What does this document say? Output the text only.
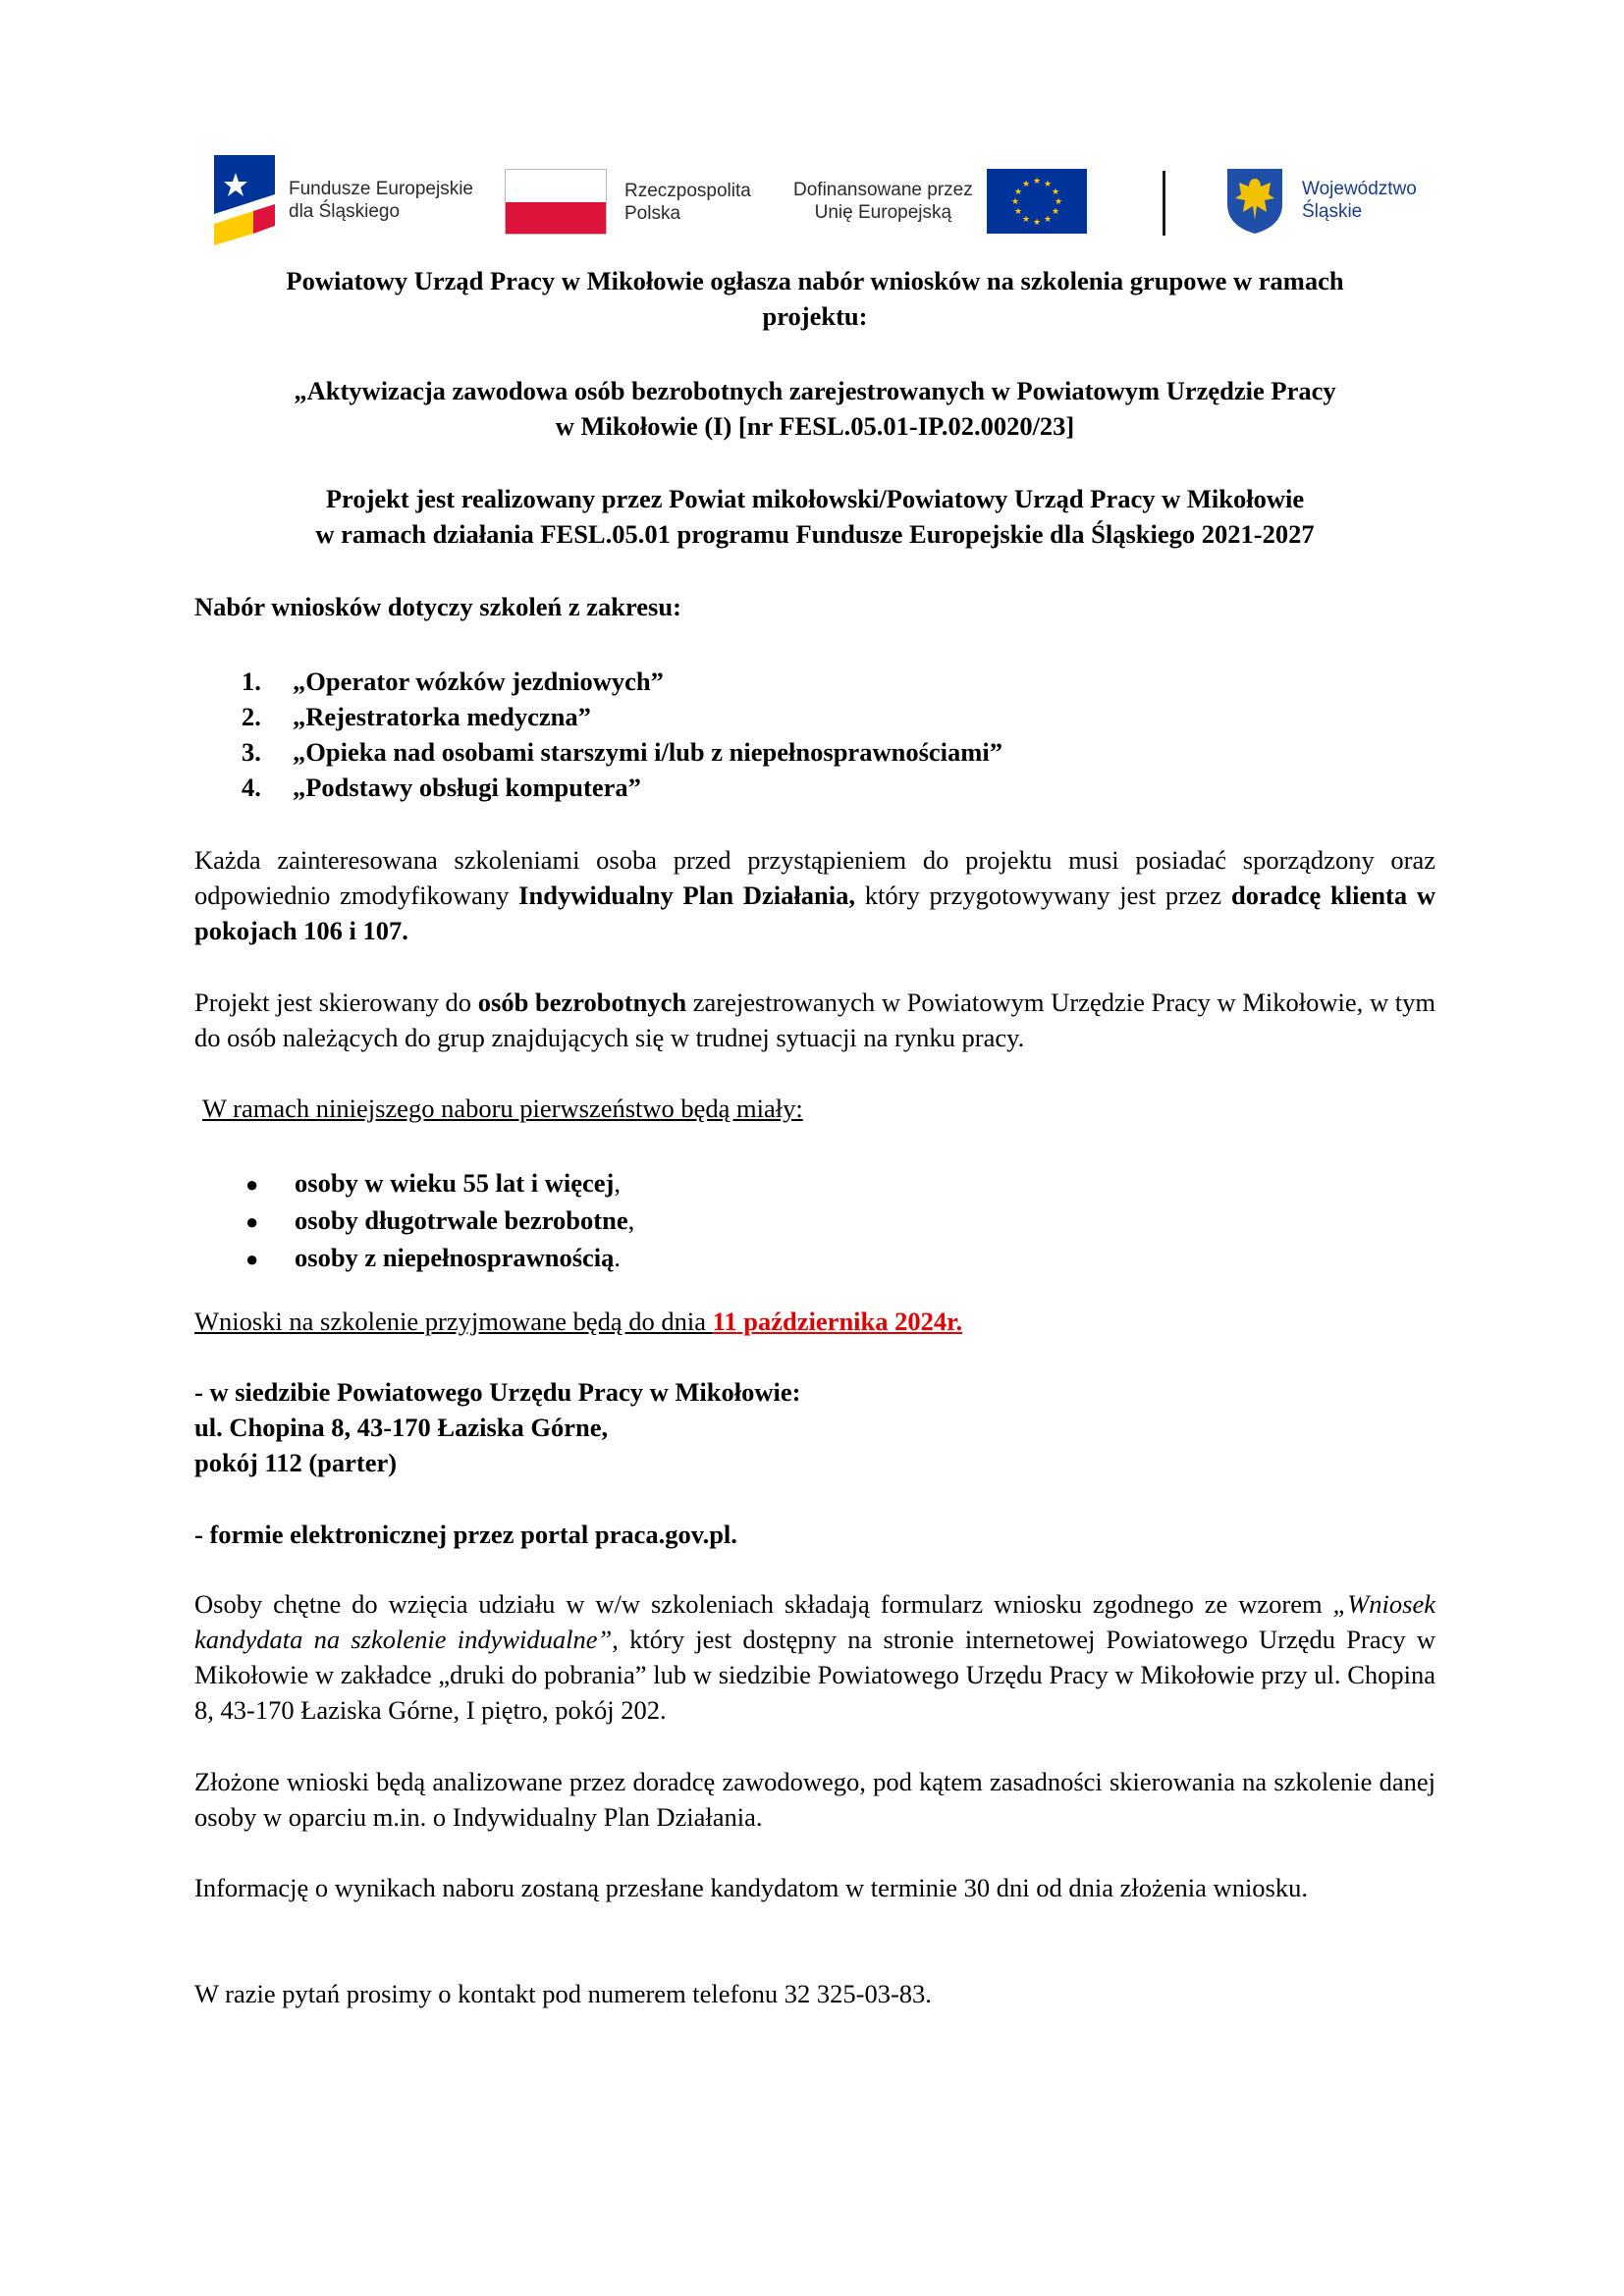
Fundusze Europejskie
dla Śląskiego
Rzeczpospolita
Polska
Dofinansowane przez
Unię Europejską
★ ★
★
★
★
★
★
★
★
★
★
★	Województwo
Śląskie
Powiatowy Urząd Pracy w Mikołowie ogłasza nabór wniosków na szkolenia grupowe w ramach
projektu:
„Aktywizacja zawodowa osób bezrobotnych zarejestrowanych w Powiatowym Urzędzie Pracy
w Mikołowie (I) [nr FESL.05.01-IP.02.0020/23]
Projekt jest realizowany przez Powiat mikołowski/Powiatowy Urząd Pracy w Mikołowie
w ramach działania FESL.05.01 programu Fundusze Europejskie dla Śląskiego 2021-2027
Nabór wniosków dotyczy szkoleń z zakresu:
1.	„Operator wózków jezdniowych”
2.	„Rejestratorka medyczna”
3.	„Opieka nad osobami starszymi i/lub z niepełnosprawnościami”
4.	„Podstawy obsługi komputera”
Każda zainteresowana szkoleniami osoba przed przystąpieniem do projektu musi posiadać sporządzony oraz odpowiednio zmodyfikowany Indywidualny Plan Działania, który przygotowywany jest przez doradcę klienta w pokojach 106 i 107.
Projekt jest skierowany do osób bezrobotnych zarejestrowanych w Powiatowym Urzędzie Pracy w Mikołowie, w tym do osób należących do grup znajdujących się w trudnej sytuacji na rynku pracy.
W ramach niniejszego naboru pierwszeństwo będą miały:
●	osoby w wieku 55 lat i więcej,
●	osoby długotrwale bezrobotne,
●	osoby z niepełnosprawnością.
Wnioski na szkolenie przyjmowane będą do dnia 11 października 2024r.
- w siedzibie Powiatowego Urzędu Pracy w Mikołowie:
ul. Chopina 8, 43-170 Łaziska Górne,
pokój 112 (parter)
- formie elektronicznej przez portal praca.gov.pl.
Osoby chętne do wzięcia udziału w w/w szkoleniach składają formularz wniosku zgodnego ze wzorem „Wniosek kandydata na szkolenie indywidualne”, który jest dostępny na stronie internetowej Powiatowego Urzędu Pracy w Mikołowie w zakładce „druki do pobrania” lub w siedzibie Powiatowego Urzędu Pracy w Mikołowie przy ul. Chopina 8, 43-170 Łaziska Górne, I piętro, pokój 202.
Złożone wnioski będą analizowane przez doradcę zawodowego, pod kątem zasadności skierowania na szkolenie danej osoby w oparciu m.in. o Indywidualny Plan Działania.
Informację o wynikach naboru zostaną przesłane kandydatom w terminie 30 dni od dnia złożenia wniosku.
W razie pytań prosimy o kontakt pod numerem telefonu 32 325-03-83.
